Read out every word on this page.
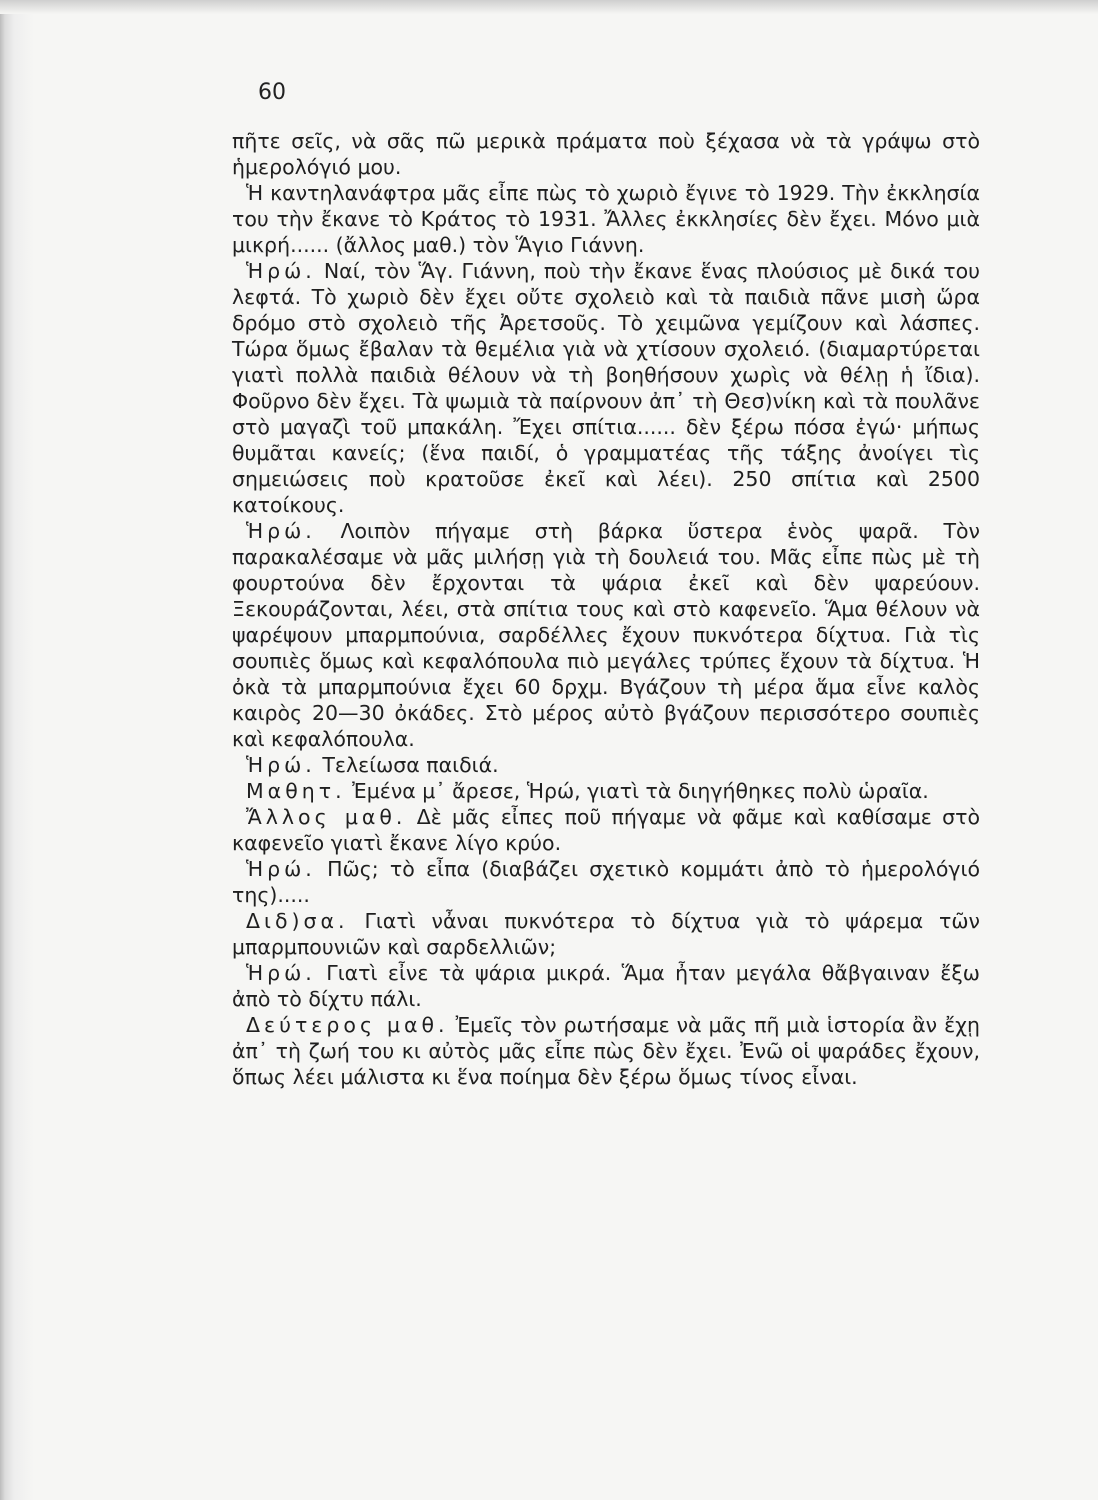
60

πῆτε σεῖς, νὰ σᾶς πῶ μερικὰ πράματα ποὺ ξέχασα νὰ τὰ γράψω στὸ ἡμερολόγιό μου.

Ἡ καντηλανάφτρα μᾶς εἶπε πὼς τὸ χωριὸ ἔγινε τὸ 1929. Τὴν ἐκκλησία του τὴν ἔκανε τὸ Κράτος τὸ 1931. Ἄλλες ἐκκλησίες δὲν ἔχει. Μόνο μιὰ μικρή...... (ἄλλος μαθ.) τὸν Ἅγιο Γιάννη.

Ἡρώ. Ναί, τὸν Ἅγ. Γιάννη, ποὺ τὴν ἔκανε ἕνας πλούσιος μὲ δικά του λεφτά. Τὸ χωριὸ δὲν ἔχει οὔτε σχολειὸ καὶ τὰ παιδιὰ πᾶνε μισὴ ὥρα δρόμο στὸ σχολειὸ τῆς Ἀρετσοῦς. Τὸ χειμῶνα γεμίζουν καὶ λάσπες. Τώρα ὅμως ἔβαλαν τὰ θεμέλια γιὰ νὰ χτίσουν σχολειό. (διαμαρτύρεται γιατὶ πολλὰ παιδιὰ θέλουν νὰ τὴ βοηθήσουν χωρὶς νὰ θέλῃ ἡ ἴδια). Φοῦρνο δὲν ἔχει. Τὰ ψωμιὰ τὰ παίρνουν ἀπ᾽ τὴ Θεσ)νίκη καὶ τὰ πουλᾶνε στὸ μαγαζὶ τοῦ μπακάλη. Ἔχει σπίτια...... δὲν ξέρω πόσα ἐγώ· μήπως θυμᾶται κανείς; (ἕνα παιδί, ὁ γραμματέας τῆς τάξης ἀνοίγει τὶς σημειώσεις ποὺ κρατοῦσε ἐκεῖ καὶ λέει). 250 σπίτια καὶ 2500 κατοίκους.

Ἡρώ. Λοιπὸν πήγαμε στὴ βάρκα ὕστερα ἑνὸς ψαρᾶ. Τὸν παρακαλέσαμε νὰ μᾶς μιλήσῃ γιὰ τὴ δουλειά του. Μᾶς εἶπε πὼς μὲ τὴ φουρτούνα δὲν ἔρχονται τὰ ψάρια ἐκεῖ καὶ δὲν ψαρεύουν. Ξεκουράζονται, λέει, στὰ σπίτια τους καὶ στὸ καφενεῖο. Ἅμα θέλουν νὰ ψαρέψουν μπαρμπούνια, σαρδέλλες ἔχουν πυκνότερα δίχτυα. Γιὰ τὶς σουπιὲς ὅμως καὶ κεφαλόπουλα πιὸ μεγάλες τρύπες ἔχουν τὰ δίχτυα. Ἡ ὀκὰ τὰ μπαρμπούνια ἔχει 60 δρχμ. Βγάζουν τὴ μέρα ἅμα εἶνε καλὸς καιρὸς 20—30 ὀκάδες. Στὸ μέρος αὐτὸ βγάζουν περισσότερο σουπιὲς καὶ κεφαλόπουλα.

Ἡρώ. Τελείωσα παιδιά.

Μαθητ. Ἐμένα μ᾽ ἄρεσε, Ἡρώ, γιατὶ τὰ διηγήθηκες πολὺ ὡραῖα.

Ἄλλος μαθ. Δὲ μᾶς εἶπες ποῦ πήγαμε νὰ φᾶμε καὶ καθίσαμε στὸ καφενεῖο γιατὶ ἔκανε λίγο κρύο.

Ἡρώ. Πῶς; τὸ εἶπα (διαβάζει σχετικὸ κομμάτι ἀπὸ τὸ ἡμερολόγιό της).....

Διδ)σα. Γιατὶ νἆναι πυκνότερα τὸ δίχτυα γιὰ τὸ ψάρεμα τῶν μπαρμπουνιῶν καὶ σαρδελλιῶν;

Ἡρώ. Γιατὶ εἶνε τὰ ψάρια μικρά. Ἅμα ἦταν μεγάλα θἄβγαιναν ἔξω ἀπὸ τὸ δίχτυ πάλι.

Δεύτερος μαθ. Ἐμεῖς τὸν ρωτήσαμε νὰ μᾶς πῆ μιὰ ἱστορία ἂν ἔχῃ ἀπ᾽ τὴ ζωή του κι αὐτὸς μᾶς εἶπε πὼς δὲν ἔχει. Ἐνῶ οἱ ψαράδες ἔχουν, ὅπως λέει μάλιστα κι ἕνα ποίημα δὲν ξέρω ὅμως τίνος εἶναι.
